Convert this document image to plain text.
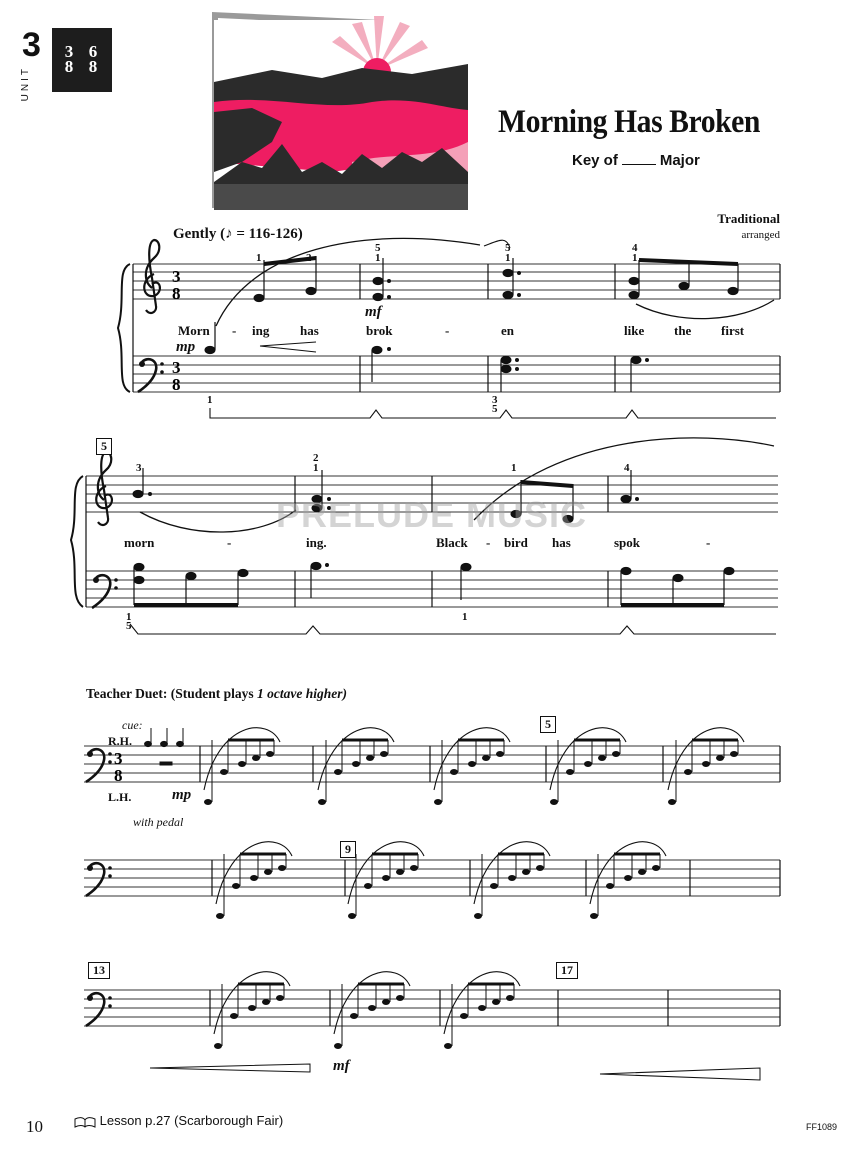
3
UNIT
3
8
6
8
Morning Has Broken
Key of	Major
Traditional
arranged
Gently (♪ = 116-126)
3
8
3
8
3
8
Morn - ing has	brok	-	en	like the first
1	2
5
1
5
1
4
1
1	3
5
mp
mf
5
morn	-	ing.	Black - bird has	spok	-
3
2
1	1	4
1
5
1
PRELUDE MUSIC
Teacher Duet: (Student plays 1 octave higher)
cue:
R.H.
L.H.	mp
with pedal
5
9
13	17
mf
10	Lesson p.27 (Scarborough Fair)	FF1089
